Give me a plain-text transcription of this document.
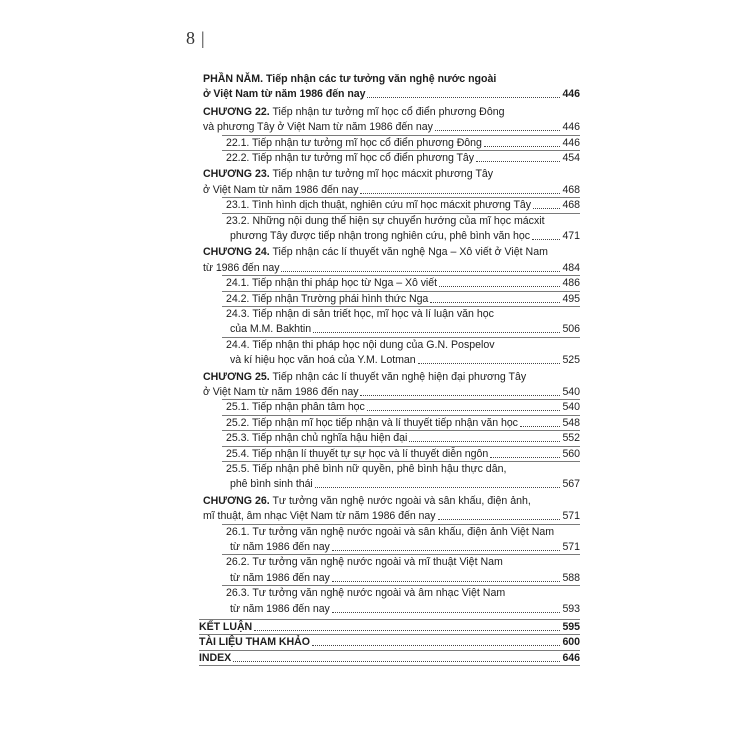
8 |
PHẦN NĂM. Tiếp nhận các tư tưởng văn nghệ nước ngoài
ở Việt Nam từ năm 1986 đến nay	446
CHƯƠNG 22. Tiếp nhận tư tưởng mĩ học cổ điển phương Đông
và phương Tây ở Việt Nam từ năm 1986 đến nay	446
22.1. Tiếp nhận tư tưởng mĩ học cổ điển phương Đông	446
22.2. Tiếp nhận tư tưởng mĩ học cổ điển phương Tây	454
CHƯƠNG 23. Tiếp nhận tư tưởng mĩ học mácxit phương Tây
ở Việt Nam từ năm 1986 đến nay	468
23.1. Tình hình dịch thuật, nghiên cứu mĩ học mácxit phương Tây	468
23.2. Những nội dung thể hiện sự chuyển hướng của mĩ học mácxit
phương Tây được tiếp nhận trong nghiên cứu, phê bình văn học	471
CHƯƠNG 24. Tiếp nhận các lí thuyết văn nghệ Nga – Xô viết ở Việt Nam
từ 1986 đến nay	484
24.1. Tiếp nhận thi pháp học từ Nga – Xô viết	486
24.2. Tiếp nhận Trường phái hình thức Nga	495
24.3. Tiếp nhận di sản triết học, mĩ học và lí luận văn học
của M.M. Bakhtin	506
24.4. Tiếp nhận thi pháp học nội dung của G.N. Pospelov
và kí hiệu học văn hoá của Y.M. Lotman	525
CHƯƠNG 25. Tiếp nhận các lí thuyết văn nghệ hiện đại phương Tây
ở Việt Nam từ năm 1986 đến nay	540
25.1. Tiếp nhận phân tâm học	540
25.2. Tiếp nhận mĩ học tiếp nhận và lí thuyết tiếp nhận văn học	548
25.3. Tiếp nhận chủ nghĩa hậu hiện đại	552
25.4. Tiếp nhận lí thuyết tự sự học và lí thuyết diễn ngôn	560
25.5. Tiếp nhận phê bình nữ quyền, phê bình hậu thực dân,
phê bình sinh thái	567
CHƯƠNG 26. Tư tưởng văn nghệ nước ngoài và sân khấu, điện ảnh,
mĩ thuật, âm nhạc Việt Nam từ năm 1986 đến nay	571
26.1. Tư tưởng văn nghệ nước ngoài và sân khấu, điện ảnh Việt Nam
từ năm 1986 đến nay	571
26.2. Tư tưởng văn nghệ nước ngoài và mĩ thuật Việt Nam
từ năm 1986 đến nay	588
26.3. Tư tưởng văn nghệ nước ngoài và âm nhạc Việt Nam
từ năm 1986 đến nay	593
KẾT LUẬN	595
TÀI LIỆU THAM KHẢO	600
INDEX	646
